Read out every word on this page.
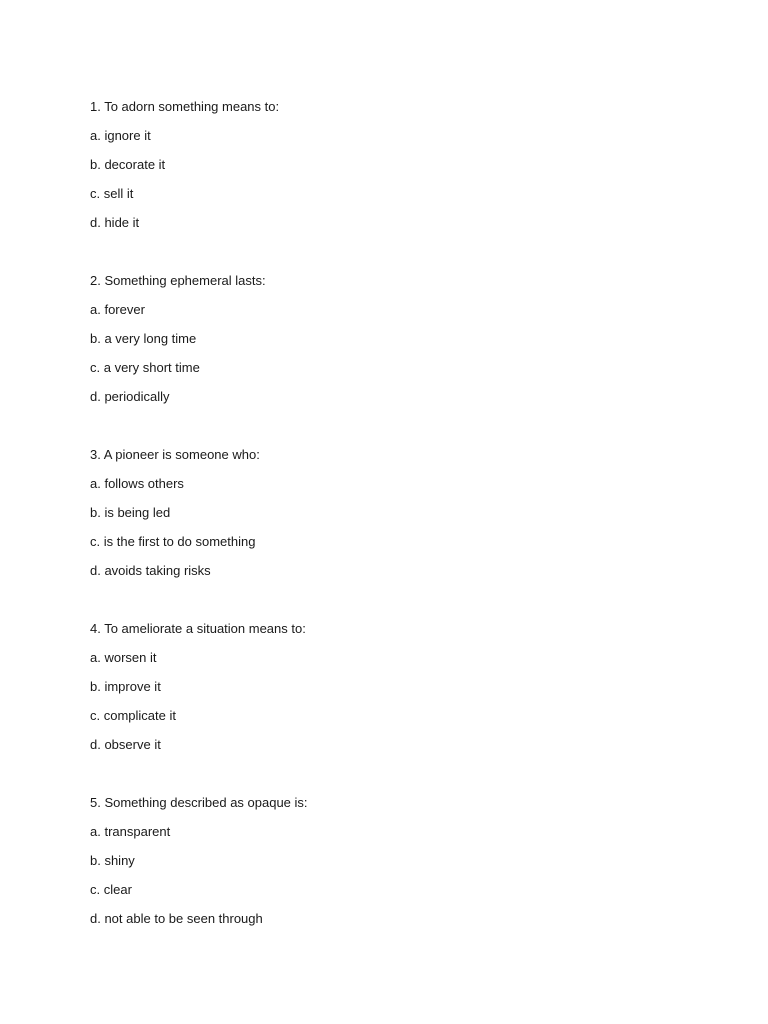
1. To adorn something means to:
a. ignore it
b. decorate it
c. sell it
d. hide it
2. Something ephemeral lasts:
a. forever
b. a very long time
c. a very short time
d. periodically
3. A pioneer is someone who:
a. follows others
b. is being led
c. is the first to do something
d. avoids taking risks
4. To ameliorate a situation means to:
a. worsen it
b. improve it
c. complicate it
d. observe it
5. Something described as opaque is:
a. transparent
b. shiny
c. clear
d. not able to be seen through
